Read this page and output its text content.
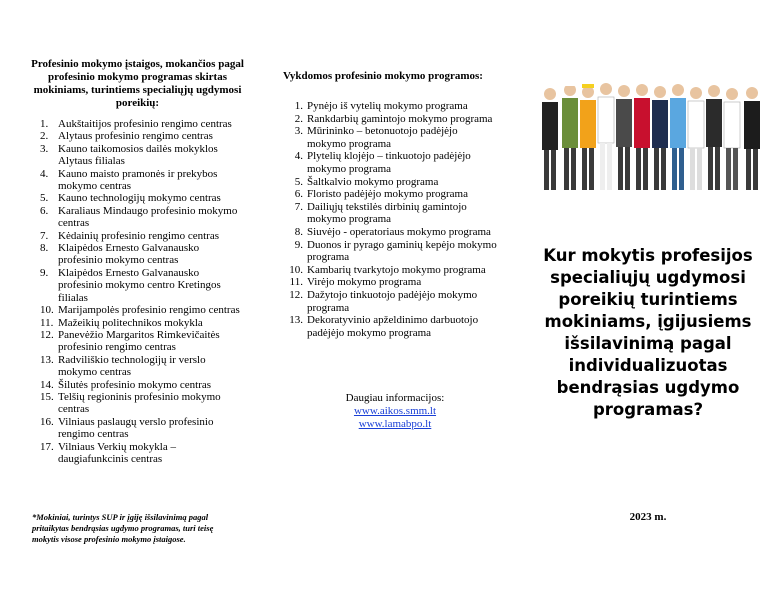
Profesinio mokymo įstaigos, mokančios pagal profesinio mokymo programas skirtas mokiniams, turintiems specialiųjų ugdymosi poreikių:

1. Aukštaitijos profesinio rengimo centras
2. Alytaus profesinio rengimo centras
3. Kauno taikomosios dailės mokyklos Alytaus filialas
4. Kauno maisto pramonės ir prekybos mokymo centras
5. Kauno technologijų mokymo centras
6. Karaliaus Mindaugo profesinio mokymo centras
7. Kėdainių profesinio rengimo centras
8. Klaipėdos Ernesto Galvanausko profesinio mokymo centras
9. Klaipėdos Ernesto Galvanausko profesinio mokymo centro Kretingos filialas
10. Marijampolės profesinio rengimo centras
11. Mažeikių politechnikos mokykla
12. Panevėžio Margaritos Rimkevičaitės profesinio rengimo centras
13. Radviliškio technologijų ir verslo mokymo centras
14. Šilutės profesinio mokymo centras
15. Telšių regioninis profesinio mokymo centras
16. Vilniaus paslaugų verslo profesinio rengimo centras
17. Vilniaus Verkių mokykla – daugiafunkcinis centras

*Mokiniai, turintys SUP ir įgiję išsilavinimą pagal pritaikytas bendrąsias ugdymo programas, turi teisę mokytis visose profesinio mokymo įstaigose.

Vykdomos profesinio mokymo programos:

1. Pynėjo iš vytelių mokymo programa
2. Rankdarbių gamintojo mokymo programa
3. Mūrininko – betonuotojo padėjėjo mokymo programa
4. Plytelių klojėjo – tinkuotojo padėjėjo mokymo programa
5. Šaltkalvio mokymo programa
6. Floristo padėjėjo mokymo programa
7. Dailiųjų tekstilės dirbinių gamintojo mokymo programa
8. Siuvėjo - operatoriaus mokymo programa
9. Duonos ir pyrago gaminių kepėjo mokymo programa
10. Kambarių tvarkytojo mokymo programa
11. Virėjo mokymo programa
12. Dažytojo tinkuotojo padėjėjo mokymo programa
13. Dekoratyvinio apželdinimo darbuotojo padėjėjo mokymo programa
Daugiau informacijos:
www.aikos.smm.lt
www.lamabpo.lt
Kur mokytis profesijos specialiųjų ugdymosi poreikių turintiems mokiniams, įgijusiems išsilavinimą pagal individualizuotas bendrąsias ugdymo programas?
2023 m.
